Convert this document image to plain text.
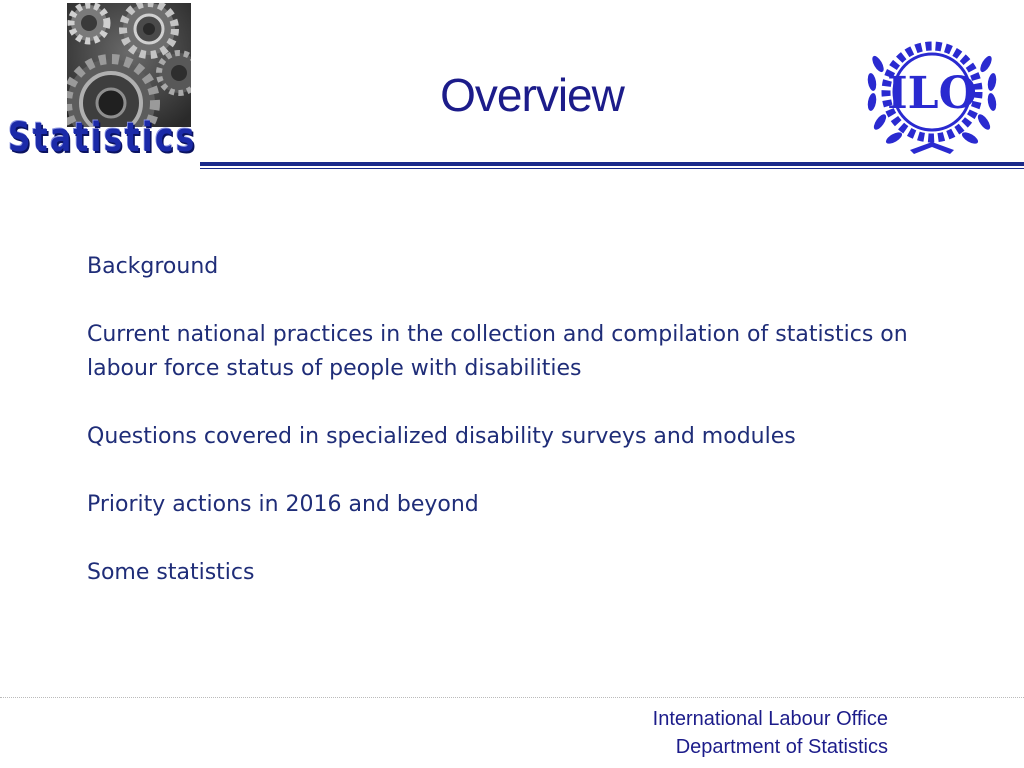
Statistics
Overview	ILO
Background
Current national practices in the collection and compilation of statistics on labour force status of people with disabilities
Questions covered in specialized disability surveys and modules
Priority actions in 2016 and beyond
Some statistics
International Labour Office
Department of Statistics
